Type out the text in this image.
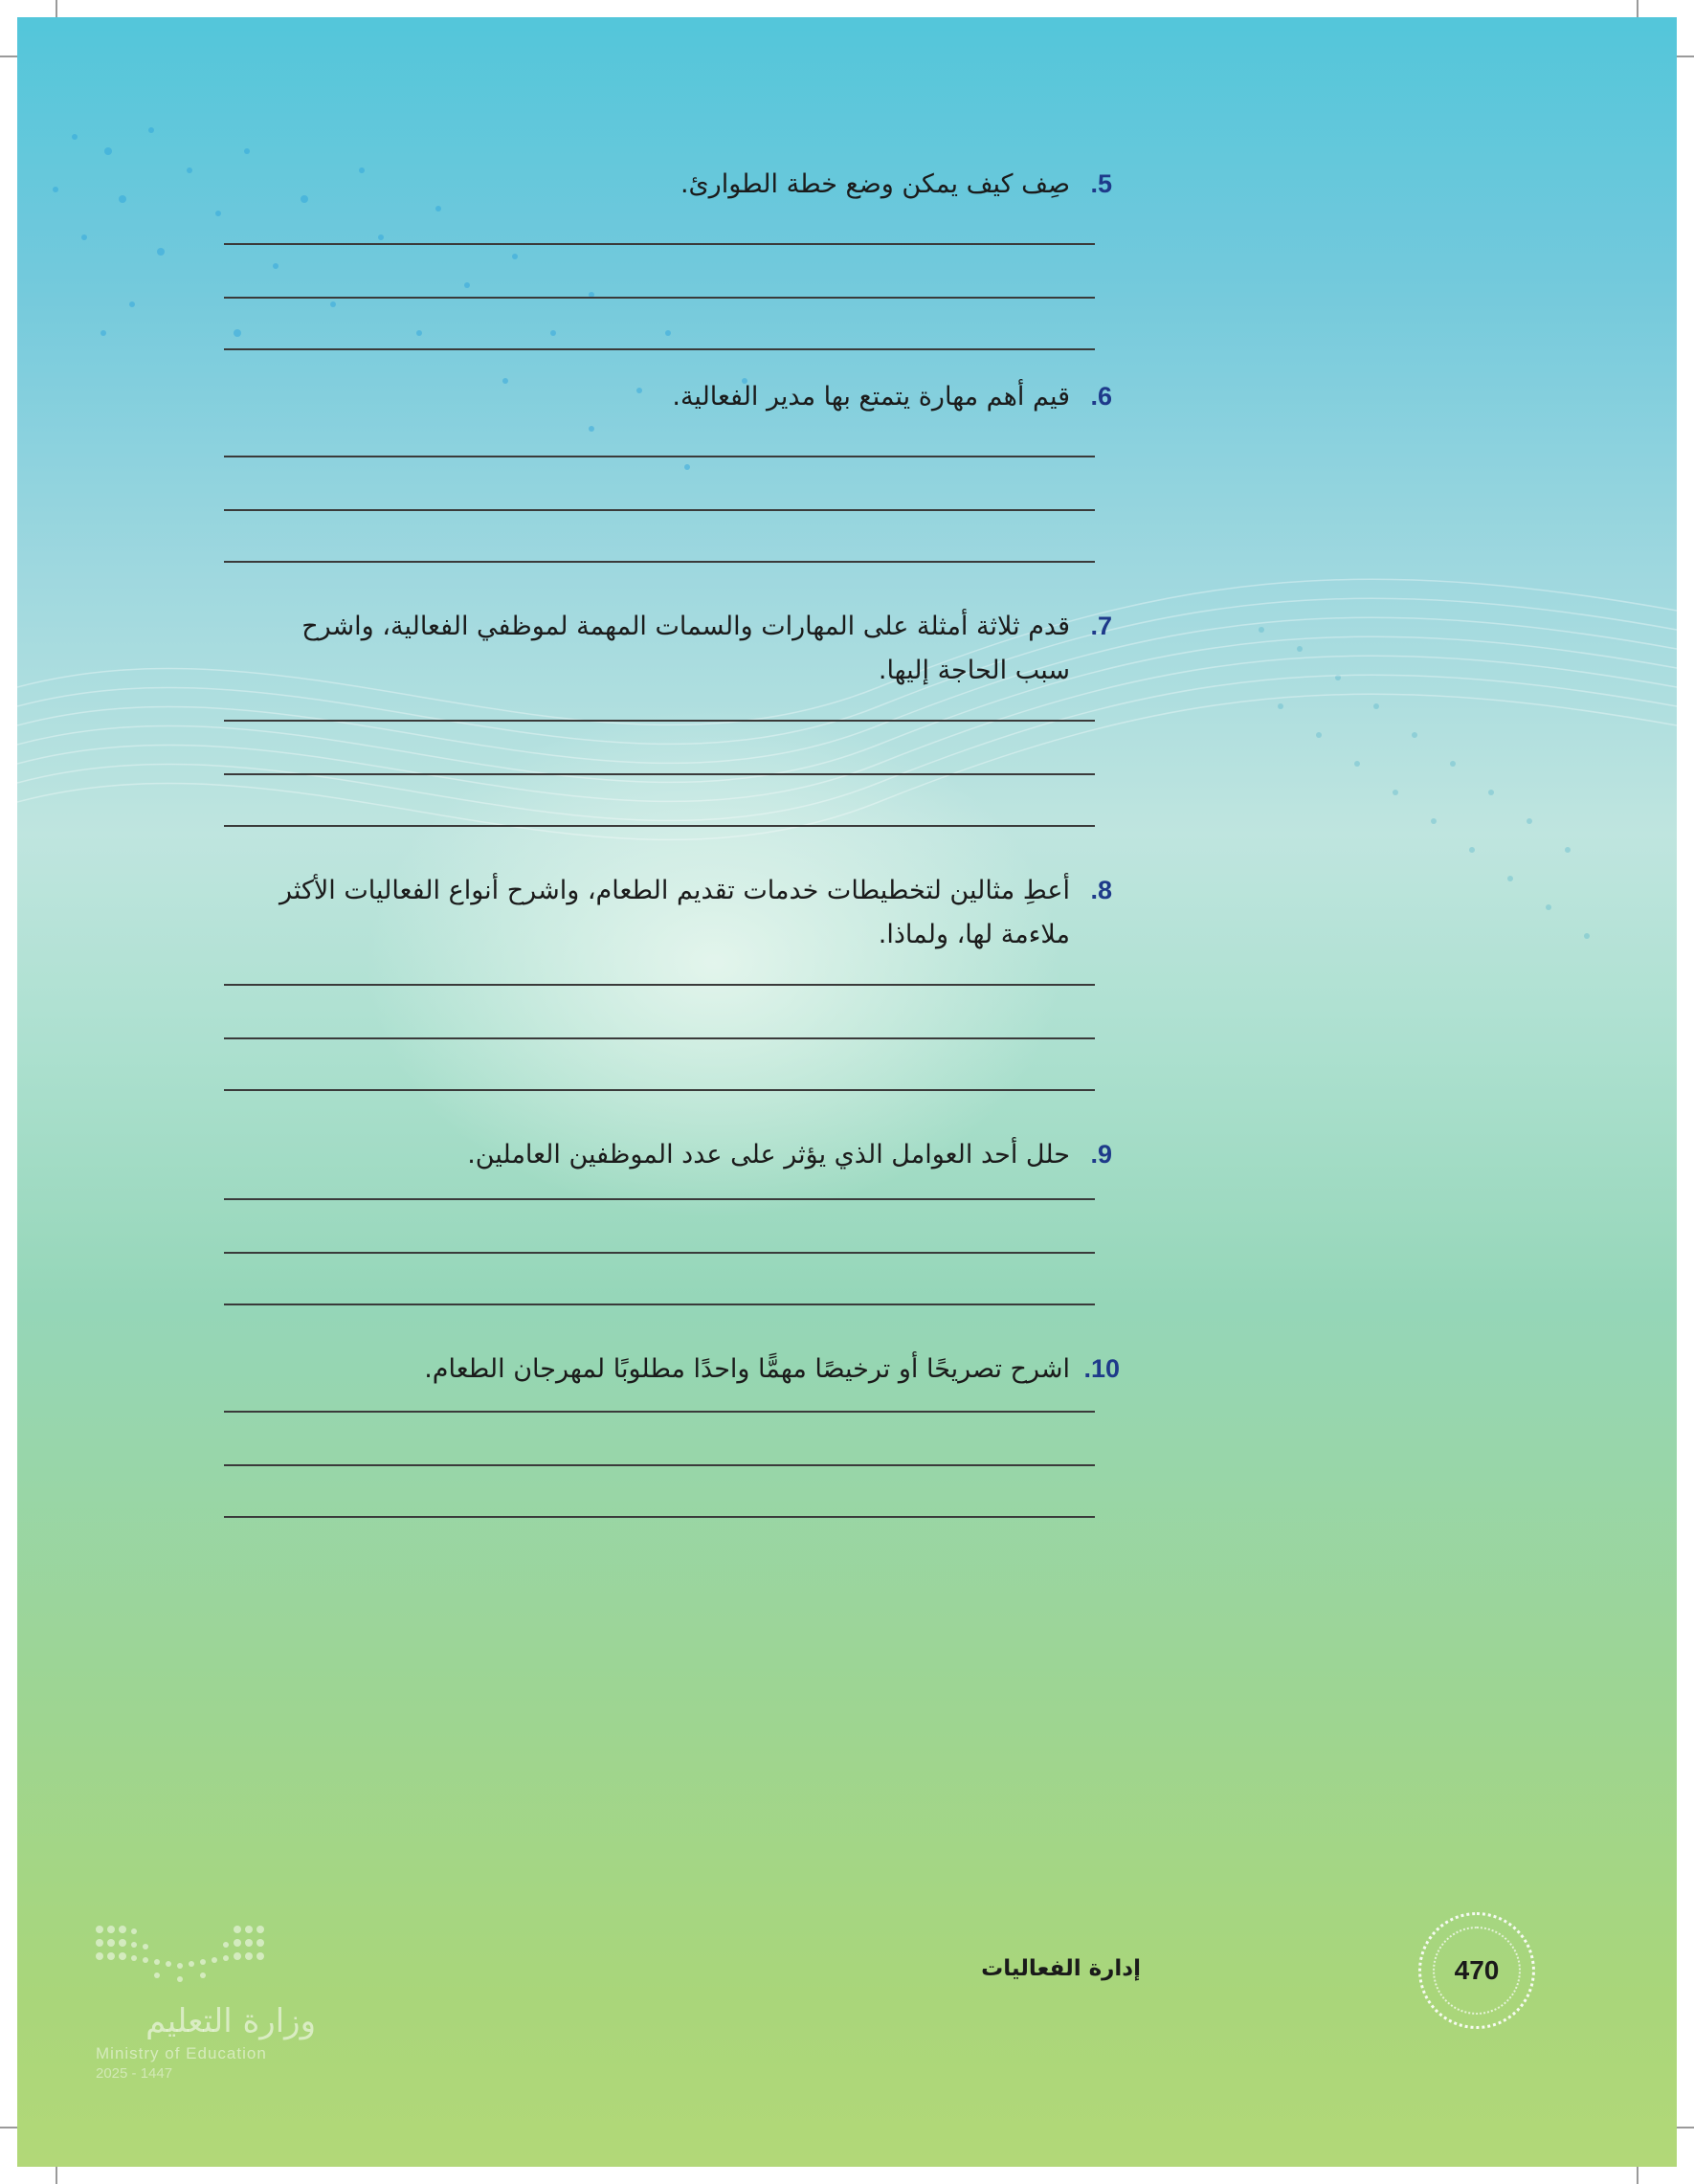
5.
صِف كيف يمكن وضع خطة الطوارئ.
6.
قيم أهم مهارة يتمتع بها مدير الفعالية.
7.
قدم ثلاثة أمثلة على المهارات والسمات المهمة لموظفي الفعالية، واشرح
سبب الحاجة إليها.
8.
أعطِ مثالين لتخطيطات خدمات تقديم الطعام، واشرح أنواع الفعاليات الأكثر
ملاءمة لها، ولماذا.
9.
حلل أحد العوامل الذي يؤثر على عدد الموظفين العاملين.
10.
اشرح تصريحًا أو ترخيصًا مهمًّا واحدًا مطلوبًا لمهرجان الطعام.
470
إدارة الفعاليات
وزارة التعليم
Ministry of Education
2025 - 1447
